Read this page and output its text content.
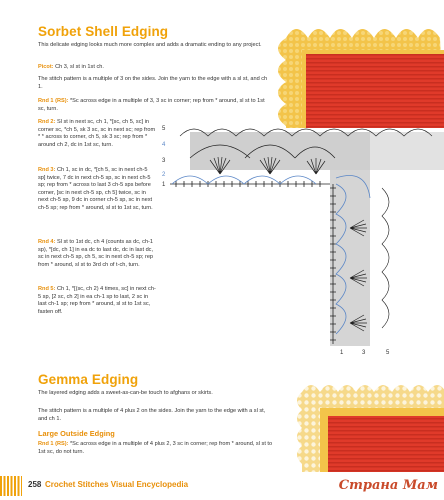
Sorbet Shell Edging

This delicate edging looks much more complex and adds a dramatic ending to any project.

Picot: Ch 3, sl st in 1st ch.

The stitch pattern is a multiple of 3 on the sides. Join the yarn to the edge with a sl st, and ch 1.

Rnd 1 (RS): *Sc across edge in a multiple of 3, 3 sc in corner; rep from * around, sl st to 1st sc, turn.

Rnd 2: Sl st in next sc, ch 1, *[sc, ch 5, sc] in corner sc, *ch 5, sk 3 sc, sc in next sc; rep from * * across to corner, ch 5, sk 3 sc; rep from * around ch 2, dc in 1st sc, turn.

Rnd 3: Ch 1, sc in dc, *[ch 5, sc in next ch-5 sp] twice, 7 dc in next ch-5 sp, sc in next ch-5 sp; rep from * across to last 3 ch-5 sps before corner, [sc in next ch-5 sp, ch 5] twice, sc in next ch-5 sp, 9 dc in corner ch-5 sp, sc in next ch-5 sp; rep from * around, sl st to 1st sc, turn.

Rnd 4: Sl st to 1st dc, ch 4 (counts as dc, ch-1 sp), *[dc, ch 1] in ea dc to last dc, dc in last dc, sc in next ch-5 sp, ch 5, sc in next ch-5 sp; rep from * around, sl st to 3rd ch of t-ch, turn.

Rnd 5: Ch 1, *[(sc, ch 2) 4 times, sc] in next ch-5 sp, [2 sc, ch 2] in ea ch-1 sp to last, 2 sc in last ch-1 sp; rep from * around, sl st to 1st sc, fasten off.

1
2
3
4
5
1	3	5
Gemma Edging

The layered edging adds a sweet-as-can-be touch to afghans or skirts.

The stitch pattern is a multiple of 4 plus 2 on the sides. Join the yarn to the edge with a sl st, and ch 1.

Large Outside Edging

Rnd 1 (RS): *Sc across edge in a multiple of 4 plus 2, 3 sc in corner; rep from * around, sl st to 1st sc, do not turn.

258 Crochet Stitches Visual Encyclopedia	Страна Мам
